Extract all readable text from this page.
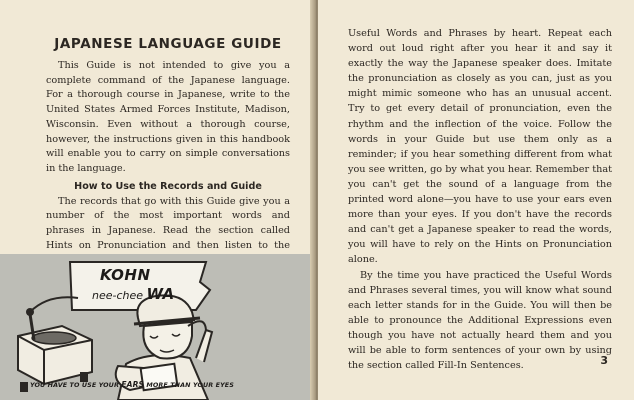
JAPANESE LANGUAGE GUIDE

This Guide is not intended to give you a complete command of the Japanese language. For a thorough course in Japanese, write to the United States Armed Forces Institute, Madison, Wisconsin. Even without a thorough course, however, the instructions given in this handbook will enable you to carry on simple conversations in the language.

How to Use the Records and Guide

The records that go with this Guide give you a number of the most important words and phrases in Japanese. Read the section called Hints on Pronunciation and then listen to the

KOHN
nee-chee WA
YOU HAVE TO USE YOUR EARS MORE THAN YOUR EYES

Useful Words and Phrases by heart. Repeat each word out loud right after you hear it and say it exactly the way the Japanese speaker does. Imitate the pronunciation as closely as you can, just as you might mimic someone who has an unusual accent. Try to get every detail of pronunciation, even the rhythm and the inflection of the voice. Follow the words in your Guide but use them only as a reminder; if you hear something different from what you see written, go by what you hear. Remember that you can't get the sound of a language from the printed word alone—you have to use your ears even more than your eyes. If you don't have the records and can't get a Japanese speaker to read the words, you will have to rely on the Hints on Pronunciation alone.

By the time you have practiced the Useful Words and Phrases several times, you will know what sound each letter stands for in the Guide. You will then be able to pronounce the Additional Expressions even though you have not actually heard them and you will be able to form sentences of your own by using the section called Fill-In Sentences.	3
